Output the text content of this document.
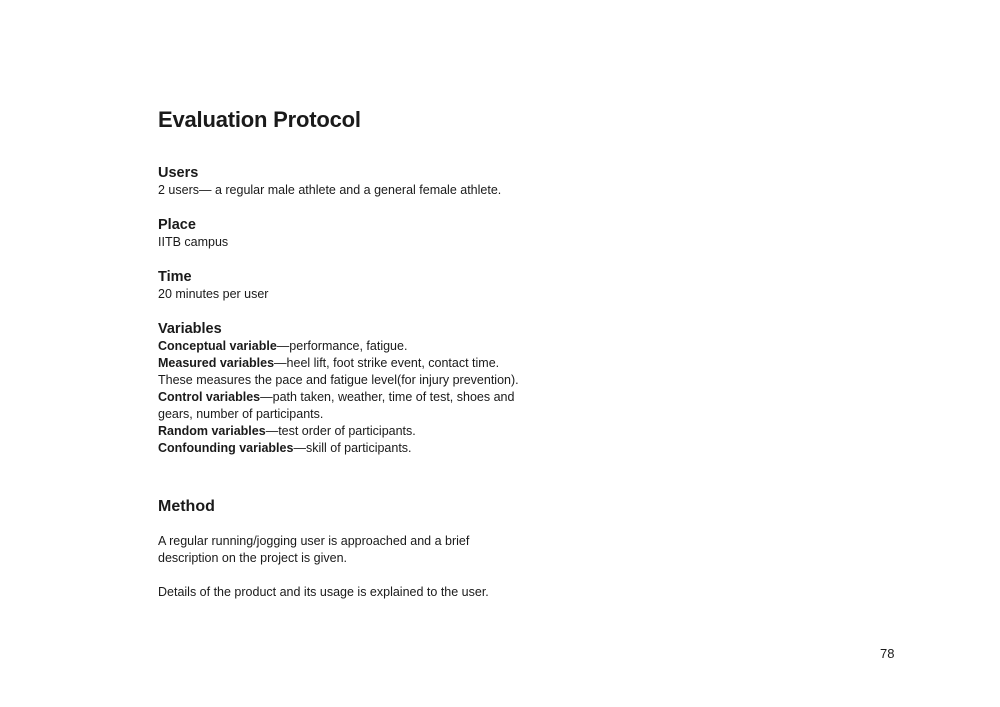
Evaluation Protocol
Users

2 users— a regular male athlete and a general female athlete.

Place

IITB campus

Time

20 minutes per user

Variables

Conceptual variable—performance, fatigue.

Measured variables—heel lift, foot strike event, contact time. These measures the pace and fatigue level(for injury prevention).

Control variables—path taken, weather, time of test, shoes and gears, number of participants.

Random variables—test order of participants.

Confounding variables—skill of participants.

Method

A regular running/jogging user is approached and a brief description on the project is given.

Details of the product and its usage is explained to the user.

78
